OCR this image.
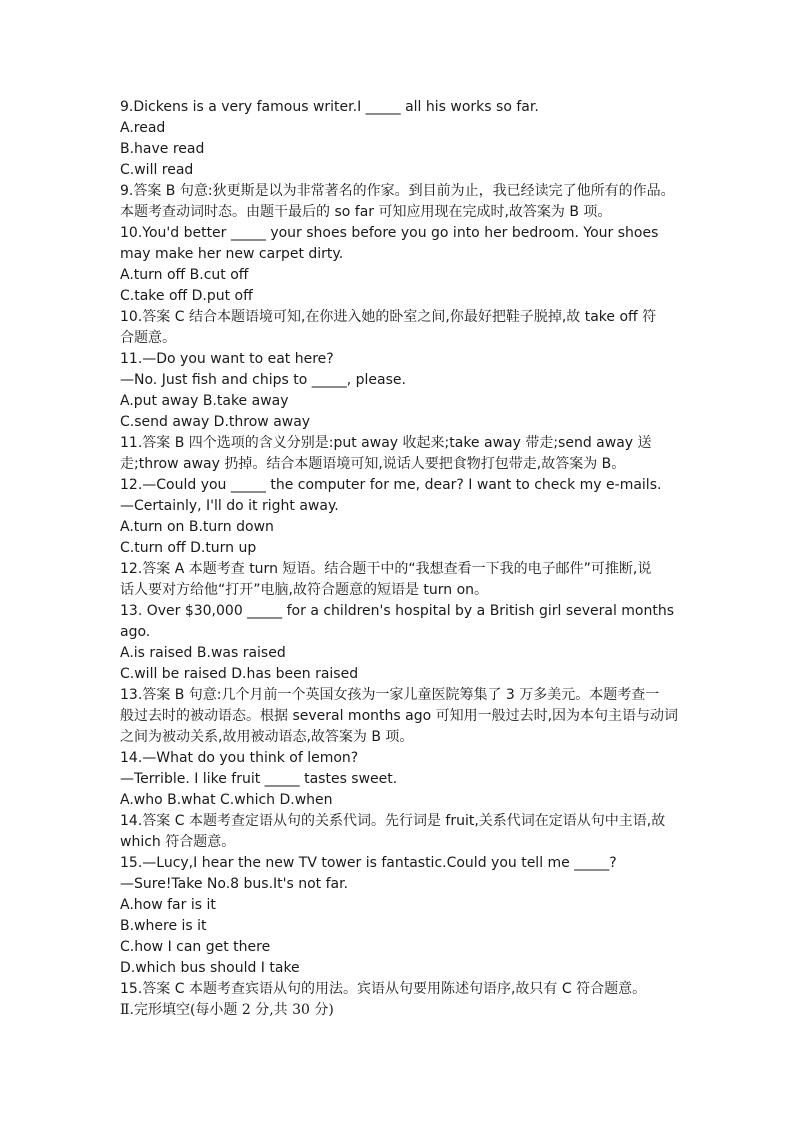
9.Dickens is a very famous writer.I _____ all his works so far.
A.read
B.have read
C.will read
9.答案 B 句意:狄更斯是以为非常著名的作家。到目前为止，我已经读完了他所有的作品。
本题考查动词时态。由题干最后的 so far 可知应用现在完成时,故答案为 B 项。
10.You'd better _____ your shoes before you go into her bedroom. Your shoes
may make her new carpet dirty.
A.turn off B.cut off
C.take off D.put off
10.答案 C 结合本题语境可知,在你进入她的卧室之间,你最好把鞋子脱掉,故 take off 符
合题意。
11.—Do you want to eat here?
—No. Just fish and chips to _____, please.
A.put away B.take away
C.send away D.throw away
11.答案 B 四个选项的含义分别是:put away 收起来;take away 带走;send away 送
走;throw away 扔掉。结合本题语境可知,说话人要把食物打包带走,故答案为 B。
12.—Could you _____ the computer for me, dear? I want to check my e-mails.
—Certainly, I'll do it right away.
A.turn on B.turn down
C.turn off D.turn up
12.答案 A 本题考查 turn 短语。结合题干中的“我想查看一下我的电子邮件”可推断,说
话人要对方给他“打开”电脑,故符合题意的短语是 turn on。
13. Over $30,000 _____ for a children's hospital by a British girl several months
ago.
A.is raised B.was raised
C.will be raised D.has been raised
13.答案 B 句意:几个月前一个英国女孩为一家儿童医院筹集了 3 万多美元。本题考查一
般过去时的被动语态。根据 several months ago 可知用一般过去时,因为本句主语与动词
之间为被动关系,故用被动语态,故答案为 B 项。
14.—What do you think of lemon?
—Terrible. I like fruit _____ tastes sweet.
A.who B.what C.which D.when
14.答案 C 本题考查定语从句的关系代词。先行词是 fruit,关系代词在定语从句中主语,故
which 符合题意。
15.—Lucy,I hear the new TV tower is fantastic.Could you tell me _____?
—Sure!Take No.8 bus.It's not far.
A.how far is it
B.where is it
C.how I can get there
D.which bus should I take
15.答案 C 本题考查宾语从句的用法。宾语从句要用陈述句语序,故只有 C 符合题意。
Ⅱ.完形填空(每小题 2 分,共 30 分)
